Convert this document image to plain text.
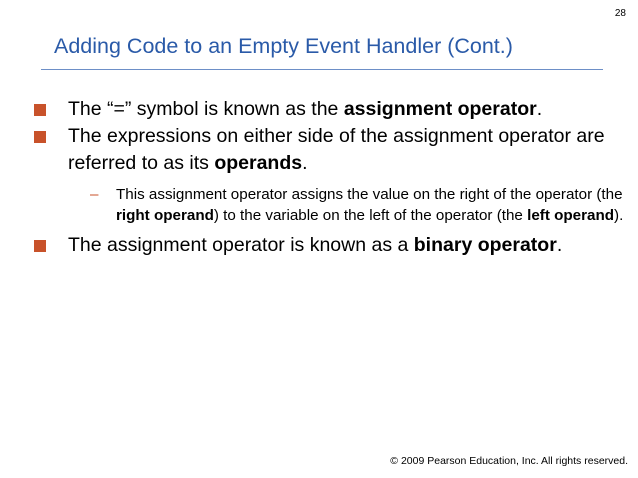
28
Adding Code to an Empty Event Handler (Cont.)
The “=” symbol is known as the assignment operator.
The expressions on either side of the assignment operator are referred to as its operands.
– This assignment operator assigns the value on the right of the operator (the right operand) to the variable on the left of the operator (the left operand).
The assignment operator is known as a binary operator.
© 2009 Pearson Education, Inc. All rights reserved.
